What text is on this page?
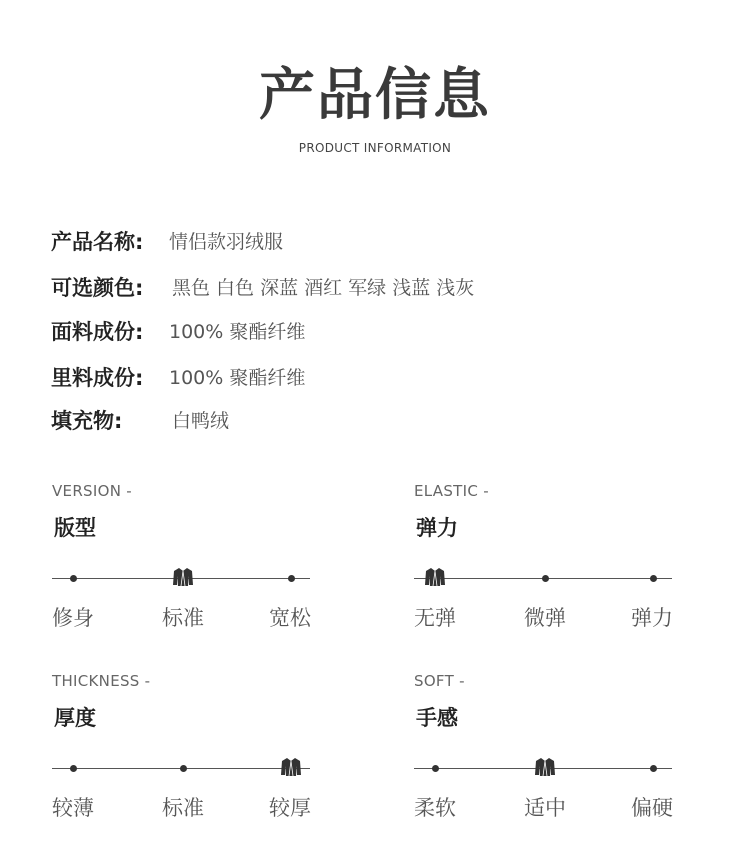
产品信息
PRODUCT INFORMATION
产品名称: 情侣款羽绒服
可选颜色: 黑色 白色 深蓝 酒红 军绿 浅蓝 浅灰
面料成份: 100% 聚酯纤维
里料成份: 100% 聚酯纤维
填充物:	白鸭绒
VERSION -
版型
修身	标准	宽松
ELASTIC -
弹力
无弹	微弹	弹力
THICKNESS -
厚度
较薄	标准	较厚
SOFT -
手感
柔软	适中	偏硬
